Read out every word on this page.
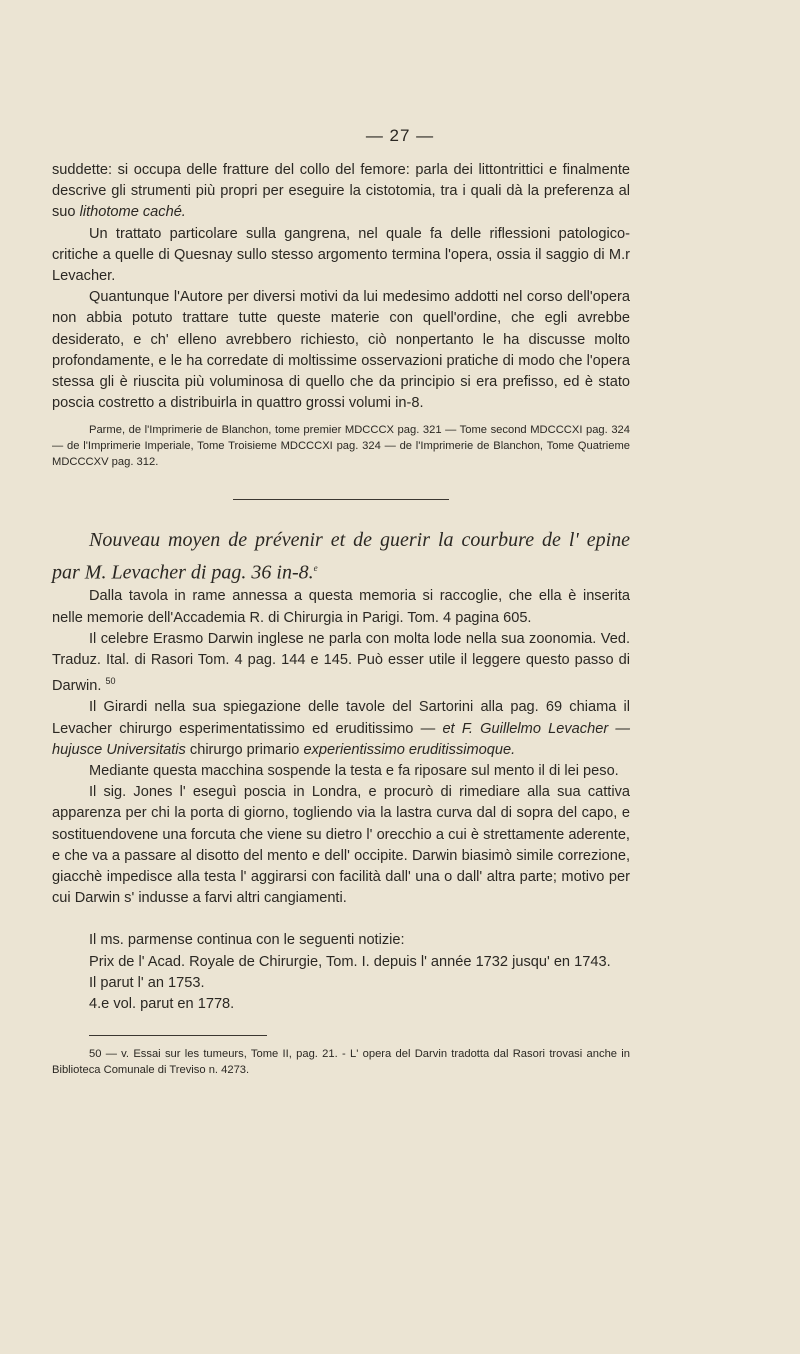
— 27 —

suddette: si occupa delle fratture del collo del femore: parla dei littontrittici e finalmente descrive gli strumenti più propri per eseguire la cistotomia, tra i quali dà la preferenza al suo lithotome caché.

Un trattato particolare sulla gangrena, nel quale fa delle riflessioni patologico-critiche a quelle di Quesnay sullo stesso argomento termina l'opera, ossia il saggio di M.r Levacher.

Quantunque l'Autore per diversi motivi da lui medesimo addotti nel corso dell'opera non abbia potuto trattare tutte queste materie con quell'ordine, che egli avrebbe desiderato, e ch' elleno avrebbero richiesto, ciò nonpertanto le ha discusse molto profondamente, e le ha corredate di moltissime osservazioni pratiche di modo che l'opera stessa gli è riuscita più voluminosa di quello che da principio si era prefisso, ed è stato poscia costretto a distribuirla in quattro grossi volumi in-8.

Parme, de l'Imprimerie de Blanchon, tome premier MDCCCX pag. 321 — Tome second MDCCCXI pag. 324 — de l'Imprimerie Imperiale, Tome Troisieme MDCCCXI pag. 324 — de l'Imprimerie de Blanchon, Tome Quatrieme MDCCCXV pag. 312.

Nouveau moyen de prévenir et de guerir la courbure de l' epine par M. Levacher di pag. 36 in-8.$^e$

Dalla tavola in rame annessa a questa memoria si raccoglie, che ella è inserita nelle memorie dell'Accademia R. di Chirurgia in Parigi. Tom. 4 pagina 605.

Il celebre Erasmo Darwin inglese ne parla con molta lode nella sua zoonomia. Ved. Traduz. Ital. di Rasori Tom. 4 pag. 144 e 145. Può esser utile il leggere questo passo di Darwin. $^{50}$

Il Girardi nella sua spiegazione delle tavole del Sartorini alla pag. 69 chiama il Levacher chirurgo esperimentatissimo ed eruditissimo — et F. Guillelmo Levacher — hujusce Universitatis chirurgo primario experientissimo eruditissimoque.

Mediante questa macchina sospende la testa e fa riposare sul mento il di lei peso.

Il sig. Jones l' eseguì poscia in Londra, e procurò di rimediare alla sua cattiva apparenza per chi la porta di giorno, togliendo via la lastra curva dal di sopra del capo, e sostituendovene una forcuta che viene su dietro l' orecchio a cui è strettamente aderente, e che va a passare al disotto del mento e dell' occipite. Darwin biasimò simile correzione, giacchè impedisce alla testa l' aggirarsi con facilità dall' una o dall' altra parte; motivo per cui Darwin s' indusse a farvi altri cangiamenti.

Il ms. parmense continua con le seguenti notizie:

Prix de l' Acad. Royale de Chirurgie, Tom. I. depuis l' année 1732 jusqu' en 1743.

Il parut l' an 1753.

4.e vol. parut en 1778.

50 — v. Essai sur les tumeurs, Tome II, pag. 21. - L' opera del Darvin tradotta dal Rasori trovasi anche in Biblioteca Comunale di Treviso n. 4273.
